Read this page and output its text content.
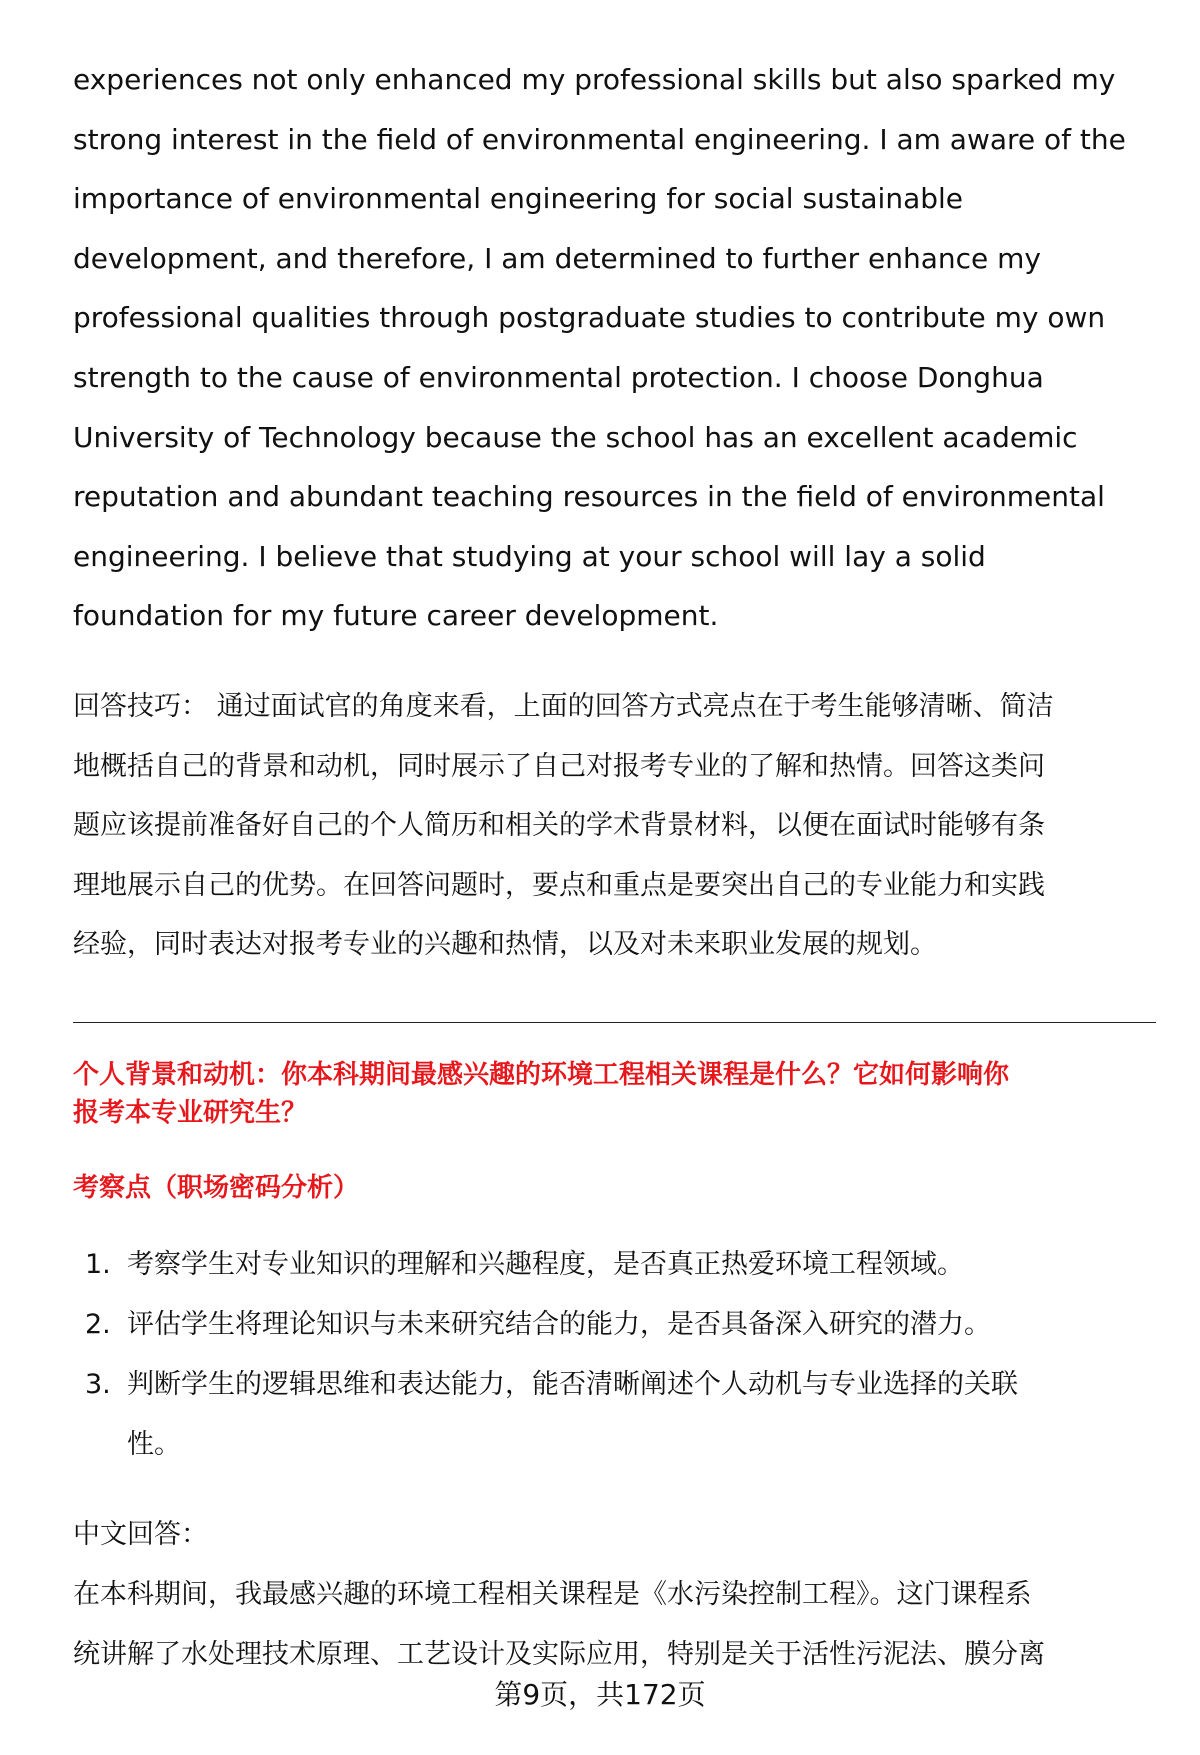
experiences not only enhanced my professional skills but also sparked my
strong interest in the field of environmental engineering. I am aware of the
importance of environmental engineering for social sustainable
development, and therefore, I am determined to further enhance my
professional qualities through postgraduate studies to contribute my own
strength to the cause of environmental protection. I choose Donghua
University of Technology because the school has an excellent academic
reputation and abundant teaching resources in the field of environmental
engineering. I believe that studying at your school will lay a solid
foundation for my future career development.
回答技巧： 通过面试官的角度来看，上面的回答方式亮点在于考生能够清晰、简洁
地概括自己的背景和动机，同时展示了自己对报考专业的了解和热情。回答这类问
题应该提前准备好自己的个人简历和相关的学术背景材料，以便在面试时能够有条
理地展示自己的优势。在回答问题时，要点和重点是要突出自己的专业能力和实践
经验，同时表达对报考专业的兴趣和热情，以及对未来职业发展的规划。
个人背景和动机：你本科期间最感兴趣的环境工程相关课程是什么？它如何影响你
报考本专业研究生？
考察点（职场密码分析）
1. 考察学生对专业知识的理解和兴趣程度，是否真正热爱环境工程领域。
2. 评估学生将理论知识与未来研究结合的能力，是否具备深入研究的潜力。
3. 判断学生的逻辑思维和表达能力，能否清晰阐述个人动机与专业选择的关联
性。
中文回答：
在本科期间，我最感兴趣的环境工程相关课程是《水污染控制工程》。这门课程系
统讲解了水处理技术原理、工艺设计及实际应用，特别是关于活性污泥法、膜分离
第9页，共172页
